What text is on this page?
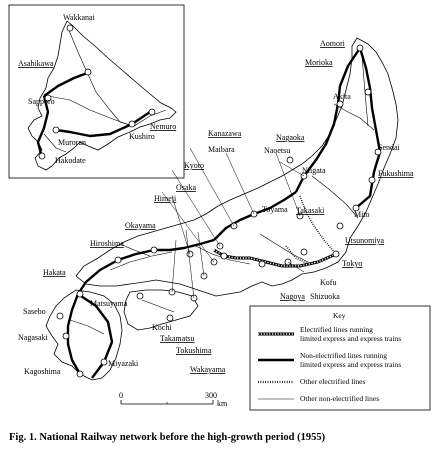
Wakkanai
Asahikawa
Sapporo
Muroran
Hakodate
Kushiro
Nemuro
Aomori
Morioka
Akita
Sendai
Fukushima
Niigata
Nagaoka
Naoetsu
Takasaki	Mito
Utsunomiya
Tokyo
Kofu
Shizuoka
Nagoya
Kanazawa
Toyama
Maibara
Kyoto
Osaka
Himeji
Okayama
Hiroshima
Hakata
Sasebo
Nagasaki
Kagoshima
Miyazaki
Matsuyama
Kochi
Takamatsu
Tokushima
Wakayama
Key
Electrified lines running
limited express and express trains
Non-electrified lines running
limited express and express trains
Other electrified lines
Other non-electrified lines
0	300
km
Fig. 1. National Railway network before the high-growth period (1955)
